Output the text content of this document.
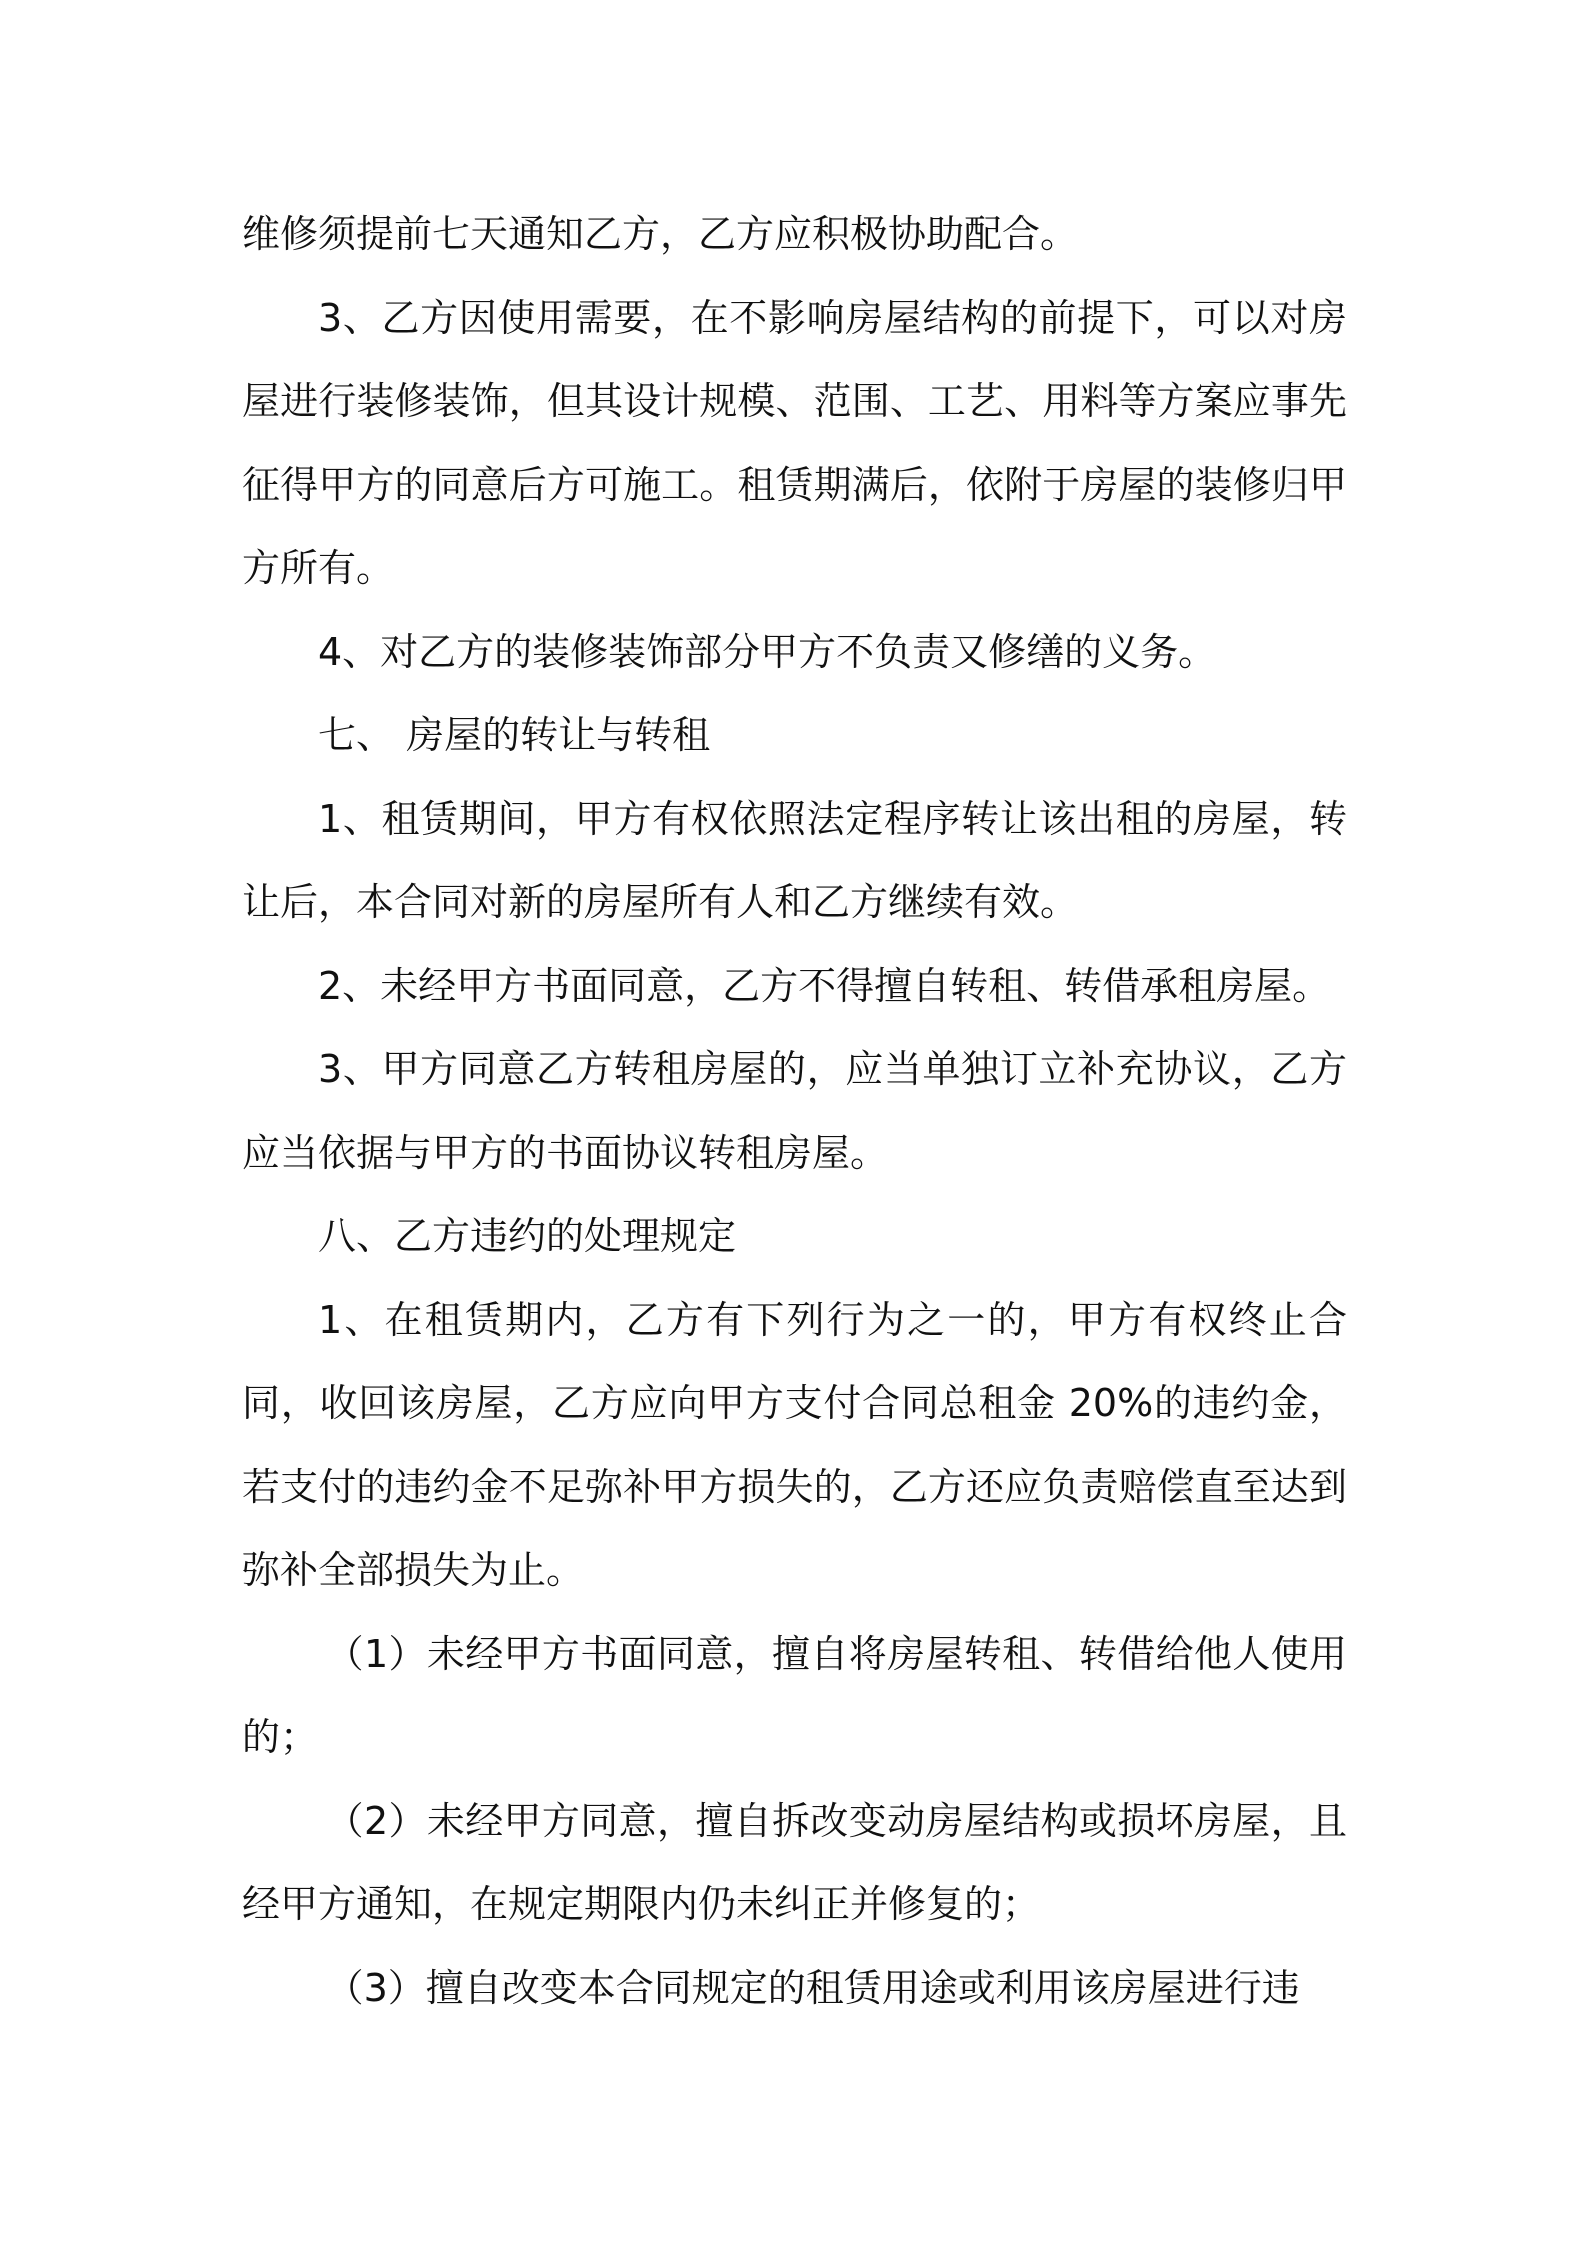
维修须提前七天通知乙方，乙方应积极协助配合。

3、乙方因使用需要，在不影响房屋结构的前提下，可以对房屋进行装修装饰，但其设计规模、范围、工艺、用料等方案应事先征得甲方的同意后方可施工。租赁期满后，依附于房屋的装修归甲方所有。

4、对乙方的装修装饰部分甲方不负责又修缮的义务。

七、 房屋的转让与转租

1、租赁期间，甲方有权依照法定程序转让该出租的房屋，转让后，本合同对新的房屋所有人和乙方继续有效。

2、未经甲方书面同意，乙方不得擅自转租、转借承租房屋。

3、甲方同意乙方转租房屋的，应当单独订立补充协议，乙方应当依据与甲方的书面协议转租房屋。

八、乙方违约的处理规定

1、在租赁期内，乙方有下列行为之一的，甲方有权终止合同，收回该房屋，乙方应向甲方支付合同总租金 20%的违约金，若支付的违约金不足弥补甲方损失的，乙方还应负责赔偿直至达到弥补全部损失为止。

（1）未经甲方书面同意，擅自将房屋转租、转借给他人使用的；

（2）未经甲方同意，擅自拆改变动房屋结构或损坏房屋，且经甲方通知，在规定期限内仍未纠正并修复的；

（3）擅自改变本合同规定的租赁用途或利用该房屋进行违
